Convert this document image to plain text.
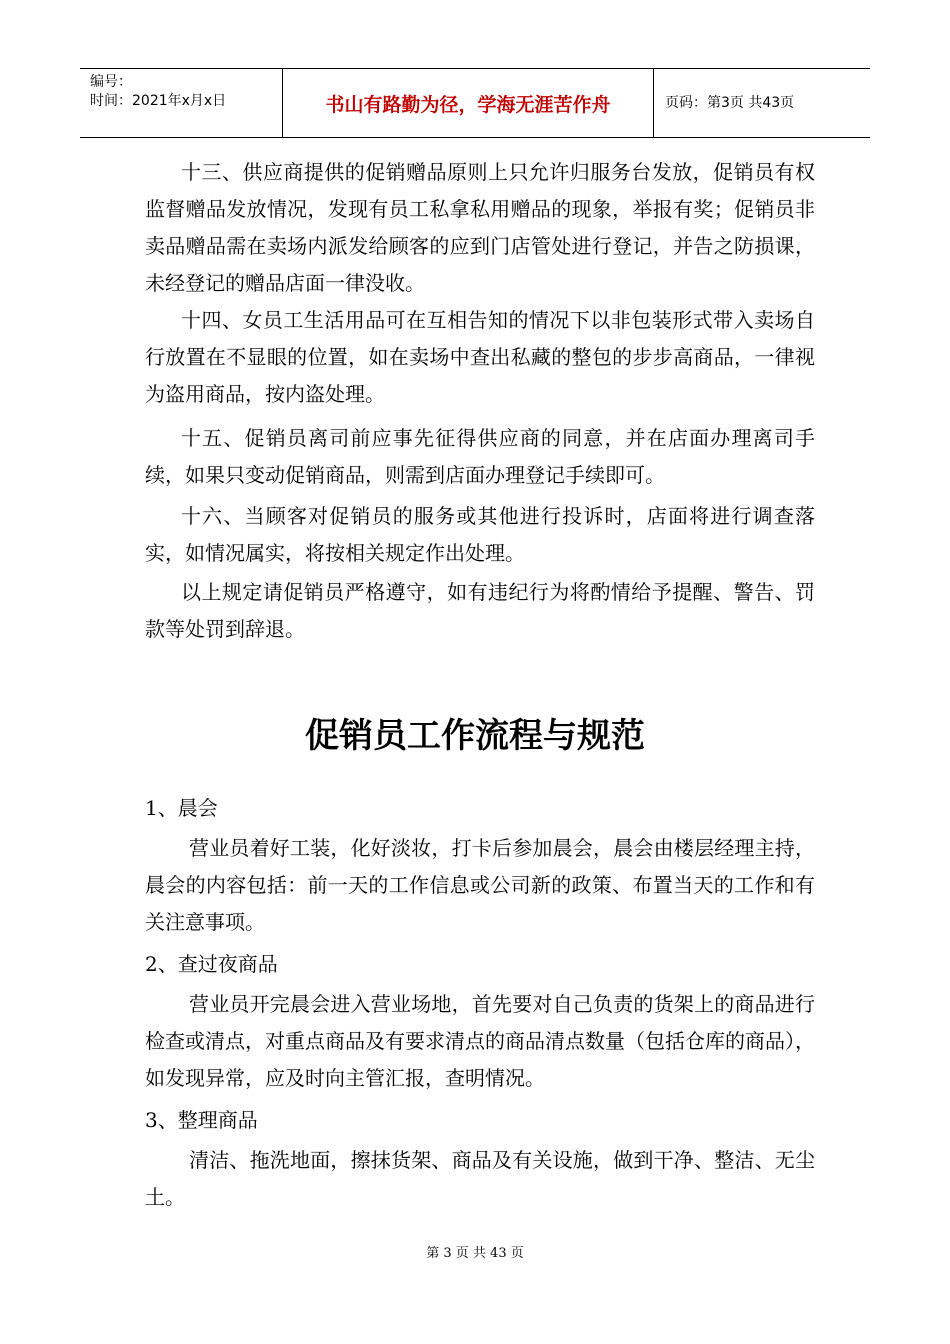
编号：
时间：2021年x月x日	书山有路勤为径，学海无涯苦作舟	页码：第3页 共43页
十三、供应商提供的促销赠品原则上只允许归服务台发放，促销员有权监督赠品发放情况，发现有员工私拿私用赠品的现象，举报有奖；促销员非卖品赠品需在卖场内派发给顾客的应到门店管处进行登记，并告之防损课，未经登记的赠品店面一律没收。
十四、女员工生活用品可在互相告知的情况下以非包装形式带入卖场自行放置在不显眼的位置，如在卖场中查出私藏的整包的步步高商品，一律视为盗用商品，按内盗处理。
十五、促销员离司前应事先征得供应商的同意，并在店面办理离司手续，如果只变动促销商品，则需到店面办理登记手续即可。
十六、当顾客对促销员的服务或其他进行投诉时，店面将进行调查落实，如情况属实，将按相关规定作出处理。
以上规定请促销员严格遵守，如有违纪行为将酌情给予提醒、警告、罚款等处罚到辞退。
促销员工作流程与规范
1、晨会
营业员着好工装，化好淡妆，打卡后参加晨会，晨会由楼层经理主持，晨会的内容包括：前一天的工作信息或公司新的政策、布置当天的工作和有关注意事项。
2、查过夜商品
营业员开完晨会进入营业场地，首先要对自己负责的货架上的商品进行检查或清点，对重点商品及有要求清点的商品清点数量（包括仓库的商品），如发现异常，应及时向主管汇报，查明情况。
3、整理商品
清洁、拖洗地面，擦抹货架、商品及有关设施，做到干净、整洁、无尘土。
第 3 页 共 43 页
